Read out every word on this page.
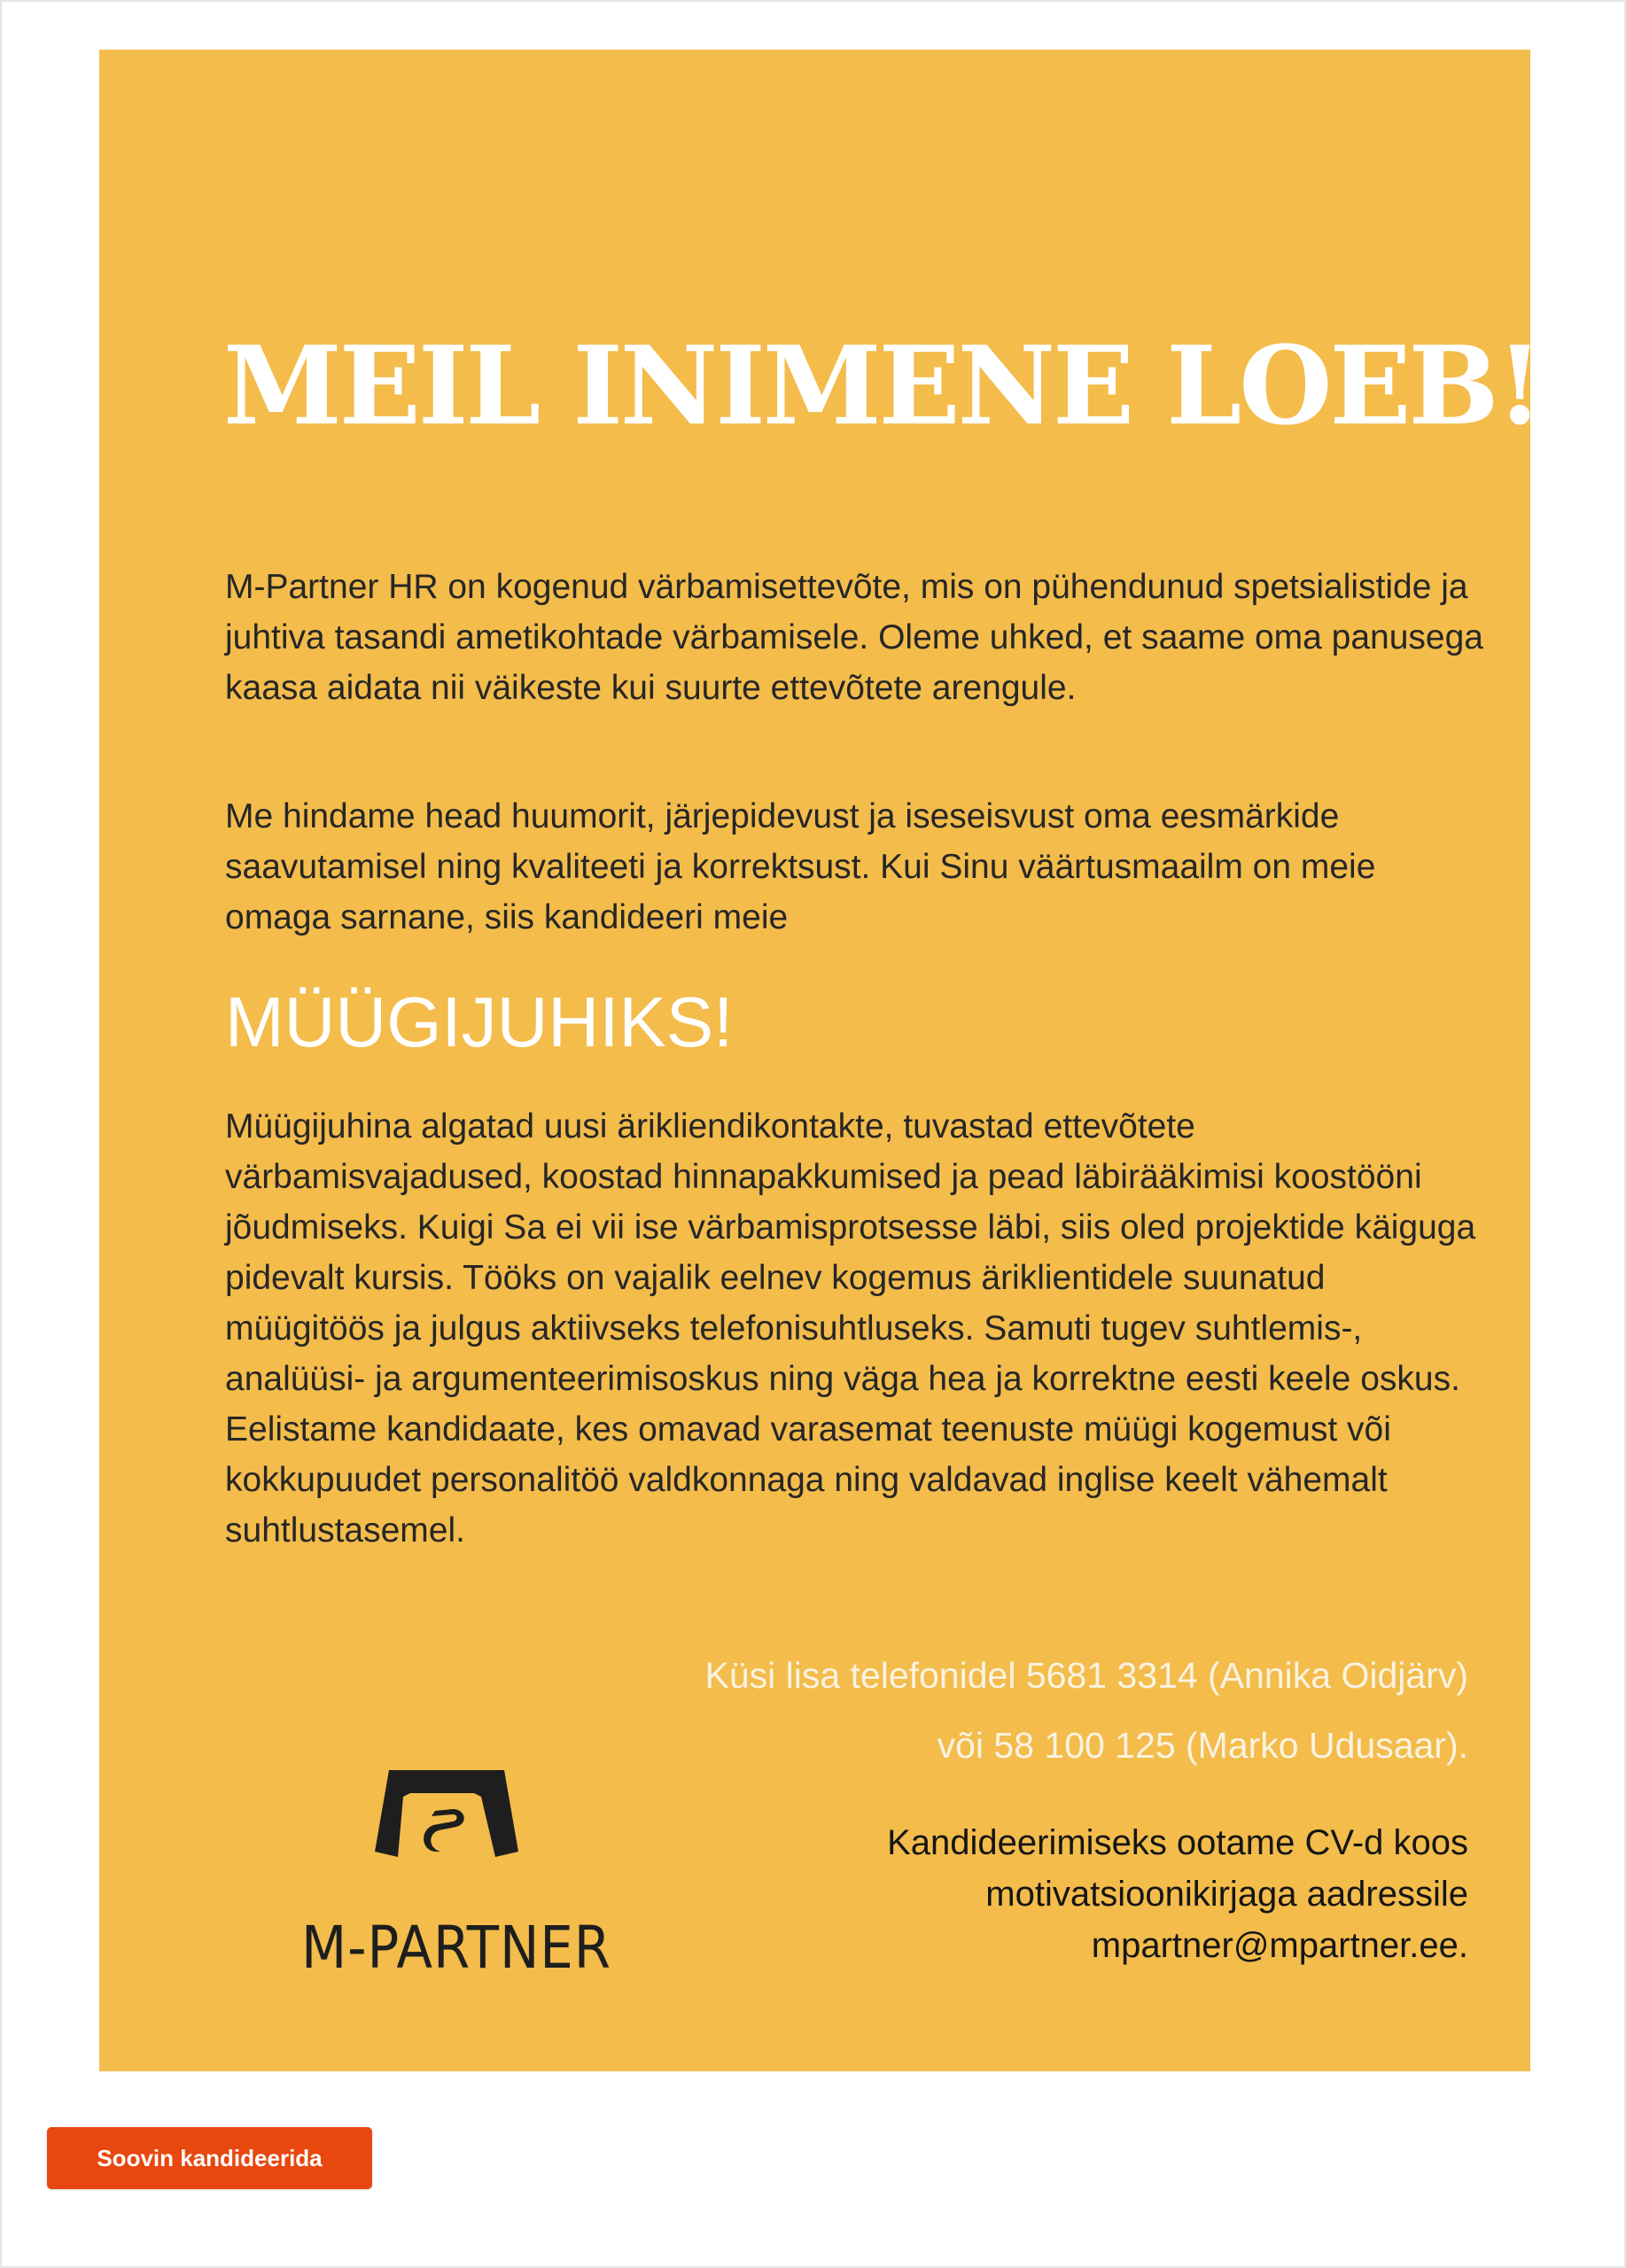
MEIL INIMENE LOEB!

M-Partner HR on kogenud värbamisettevõte, mis on pühendunud spetsialistide ja juhtiva tasandi ametikohtade värbamisele. Oleme uhked, et saame oma panusega kaasa aidata nii väikeste kui suurte ettevõtete arengule.

Me hindame head huumorit, järjepidevust ja iseseisvust oma eesmärkide saavutamisel ning kvaliteeti ja korrektsust. Kui Sinu väärtusmaailm on meie omaga sarnane, siis kandideeri meie

MÜÜGIJUHIKS!

Müügijuhina algatad uusi ärikliendikontakte, tuvastad ettevõtete värbamisvajadused, koostad hinnapakkumised ja pead läbirääkimisi koostööni jõudmiseks. Kuigi Sa ei vii ise värbamisprotsesse läbi, siis oled projektide käiguga pidevalt kursis. Tööks on vajalik eelnev kogemus äriklientidele suunatud müügitöös ja julgus aktiivseks telefonisuhtluseks. Samuti tugev suhtlemis-, analüüsi- ja argumenteerimisoskus ning väga hea ja korrektne eesti keele oskus. Eelistame kandidaate, kes omavad varasemat teenuste müügi kogemust või kokkupuudet personalitöö valdkonnaga ning valdavad inglise keelt vähemalt suhtlustasemel.

Küsi lisa telefonidel 5681 3314 (Annika Oidjärv) või 58 100 125 (Marko Udusaar).

Kandideerimiseks ootame CV-d koos motivatsioonikirjaga aadressile mpartner@mpartner.ee.

M-PARTNER

Soovin kandideerida
